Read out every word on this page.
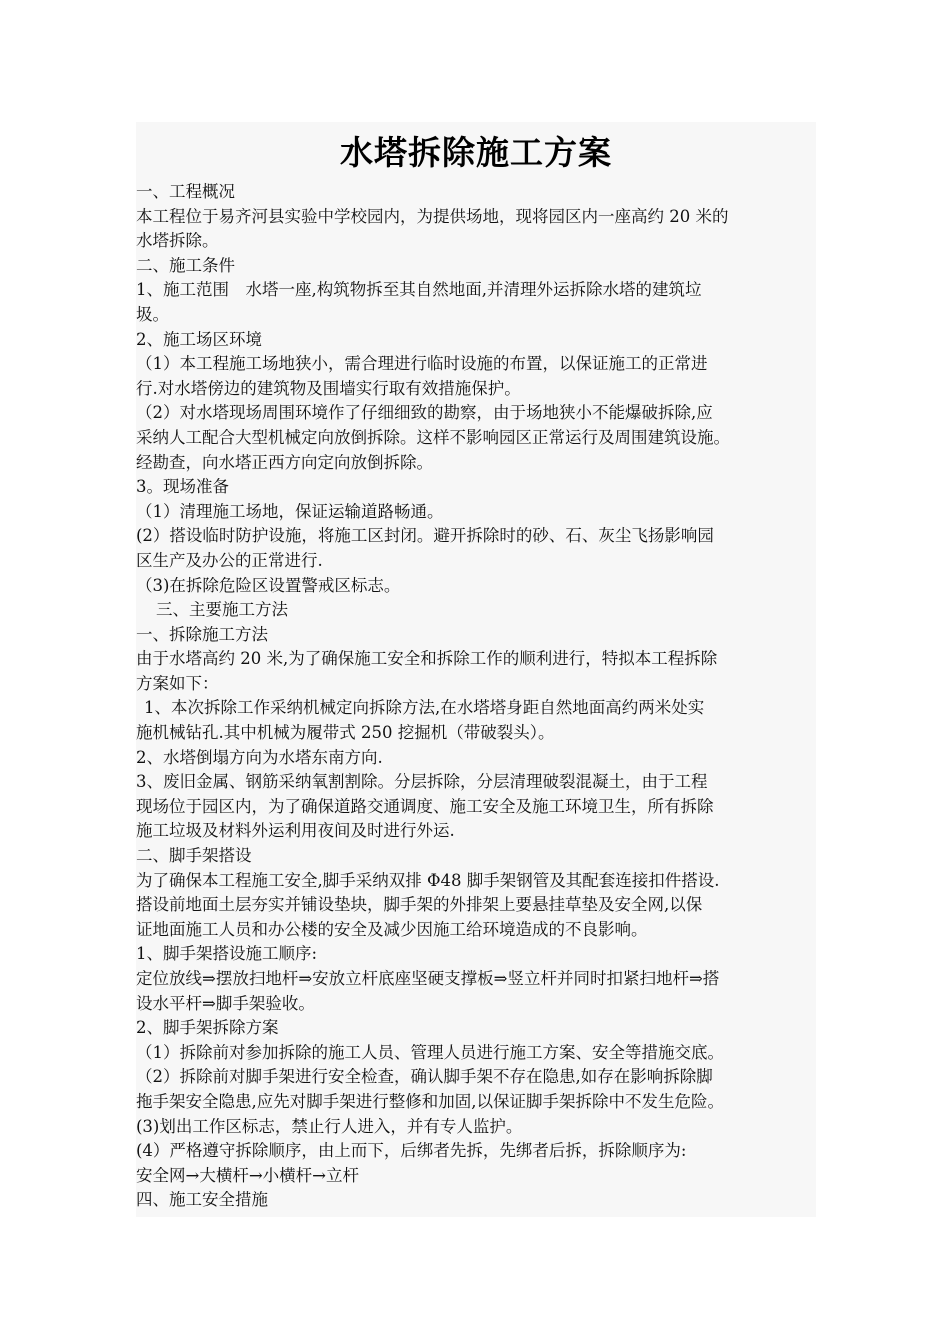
水塔拆除施工方案

一、工程概况

本工程位于易齐河县实验中学校园内，为提供场地，现将园区内一座高约 20 米的

水塔拆除。

二、施工条件

1、施工范围　水塔一座,构筑物拆至其自然地面,并清理外运拆除水塔的建筑垃

圾。

2、施工场区环境

（1）本工程施工场地狭小，需合理进行临时设施的布置，以保证施工的正常进

行.对水塔傍边的建筑物及围墙实行取有效措施保护。

（2）对水塔现场周围环境作了仔细细致的勘察，由于场地狭小不能爆破拆除,应

采纳人工配合大型机械定向放倒拆除。这样不影响园区正常运行及周围建筑设施。

经勘查，向水塔正西方向定向放倒拆除。

3。现场准备

（1）清理施工场地，保证运输道路畅通。

(2）搭设临时防护设施，将施工区封闭。避开拆除时的砂、石、灰尘飞扬影响园

区生产及办公的正常进行.

（3)在拆除危险区设置警戒区标志。

三、主要施工方法

一、拆除施工方法

由于水塔高约 20 米,为了确保施工安全和拆除工作的顺利进行，特拟本工程拆除

方案如下：

1、本次拆除工作采纳机械定向拆除方法,在水塔塔身距自然地面高约两米处实

施机械钻孔.其中机械为履带式 250 挖掘机（带破裂头）。

2、水塔倒塌方向为水塔东南方向.

3、废旧金属、钢筋采纳氧割割除。分层拆除，分层清理破裂混凝土，由于工程

现场位于园区内，为了确保道路交通调度、施工安全及施工环境卫生，所有拆除

施工垃圾及材料外运利用夜间及时进行外运.

二、脚手架搭设

为了确保本工程施工安全,脚手采纳双排 Φ48 脚手架钢管及其配套连接扣件搭设.

搭设前地面土层夯实并铺设垫块，脚手架的外排架上要悬挂草垫及安全网,以保

证地面施工人员和办公楼的安全及减少因施工给环境造成的不良影响。

1、脚手架搭设施工顺序:

定位放线⇒摆放扫地杆⇒安放立杆底座坚硬支撑板⇒竖立杆并同时扣紧扫地杆⇒搭

设水平杆⇒脚手架验收。

2、脚手架拆除方案

（1）拆除前对参加拆除的施工人员、管理人员进行施工方案、安全等措施交底。

（2）拆除前对脚手架进行安全检查，确认脚手架不存在隐患,如存在影响拆除脚

拖手架安全隐患,应先对脚手架进行整修和加固,以保证脚手架拆除中不发生危险。

(3)划出工作区标志，禁止行人进入，并有专人监护。

(4）严格遵守拆除顺序，由上而下，后绑者先拆，先绑者后拆，拆除顺序为:

安全网→大横杆→小横杆→立杆

四、施工安全措施
